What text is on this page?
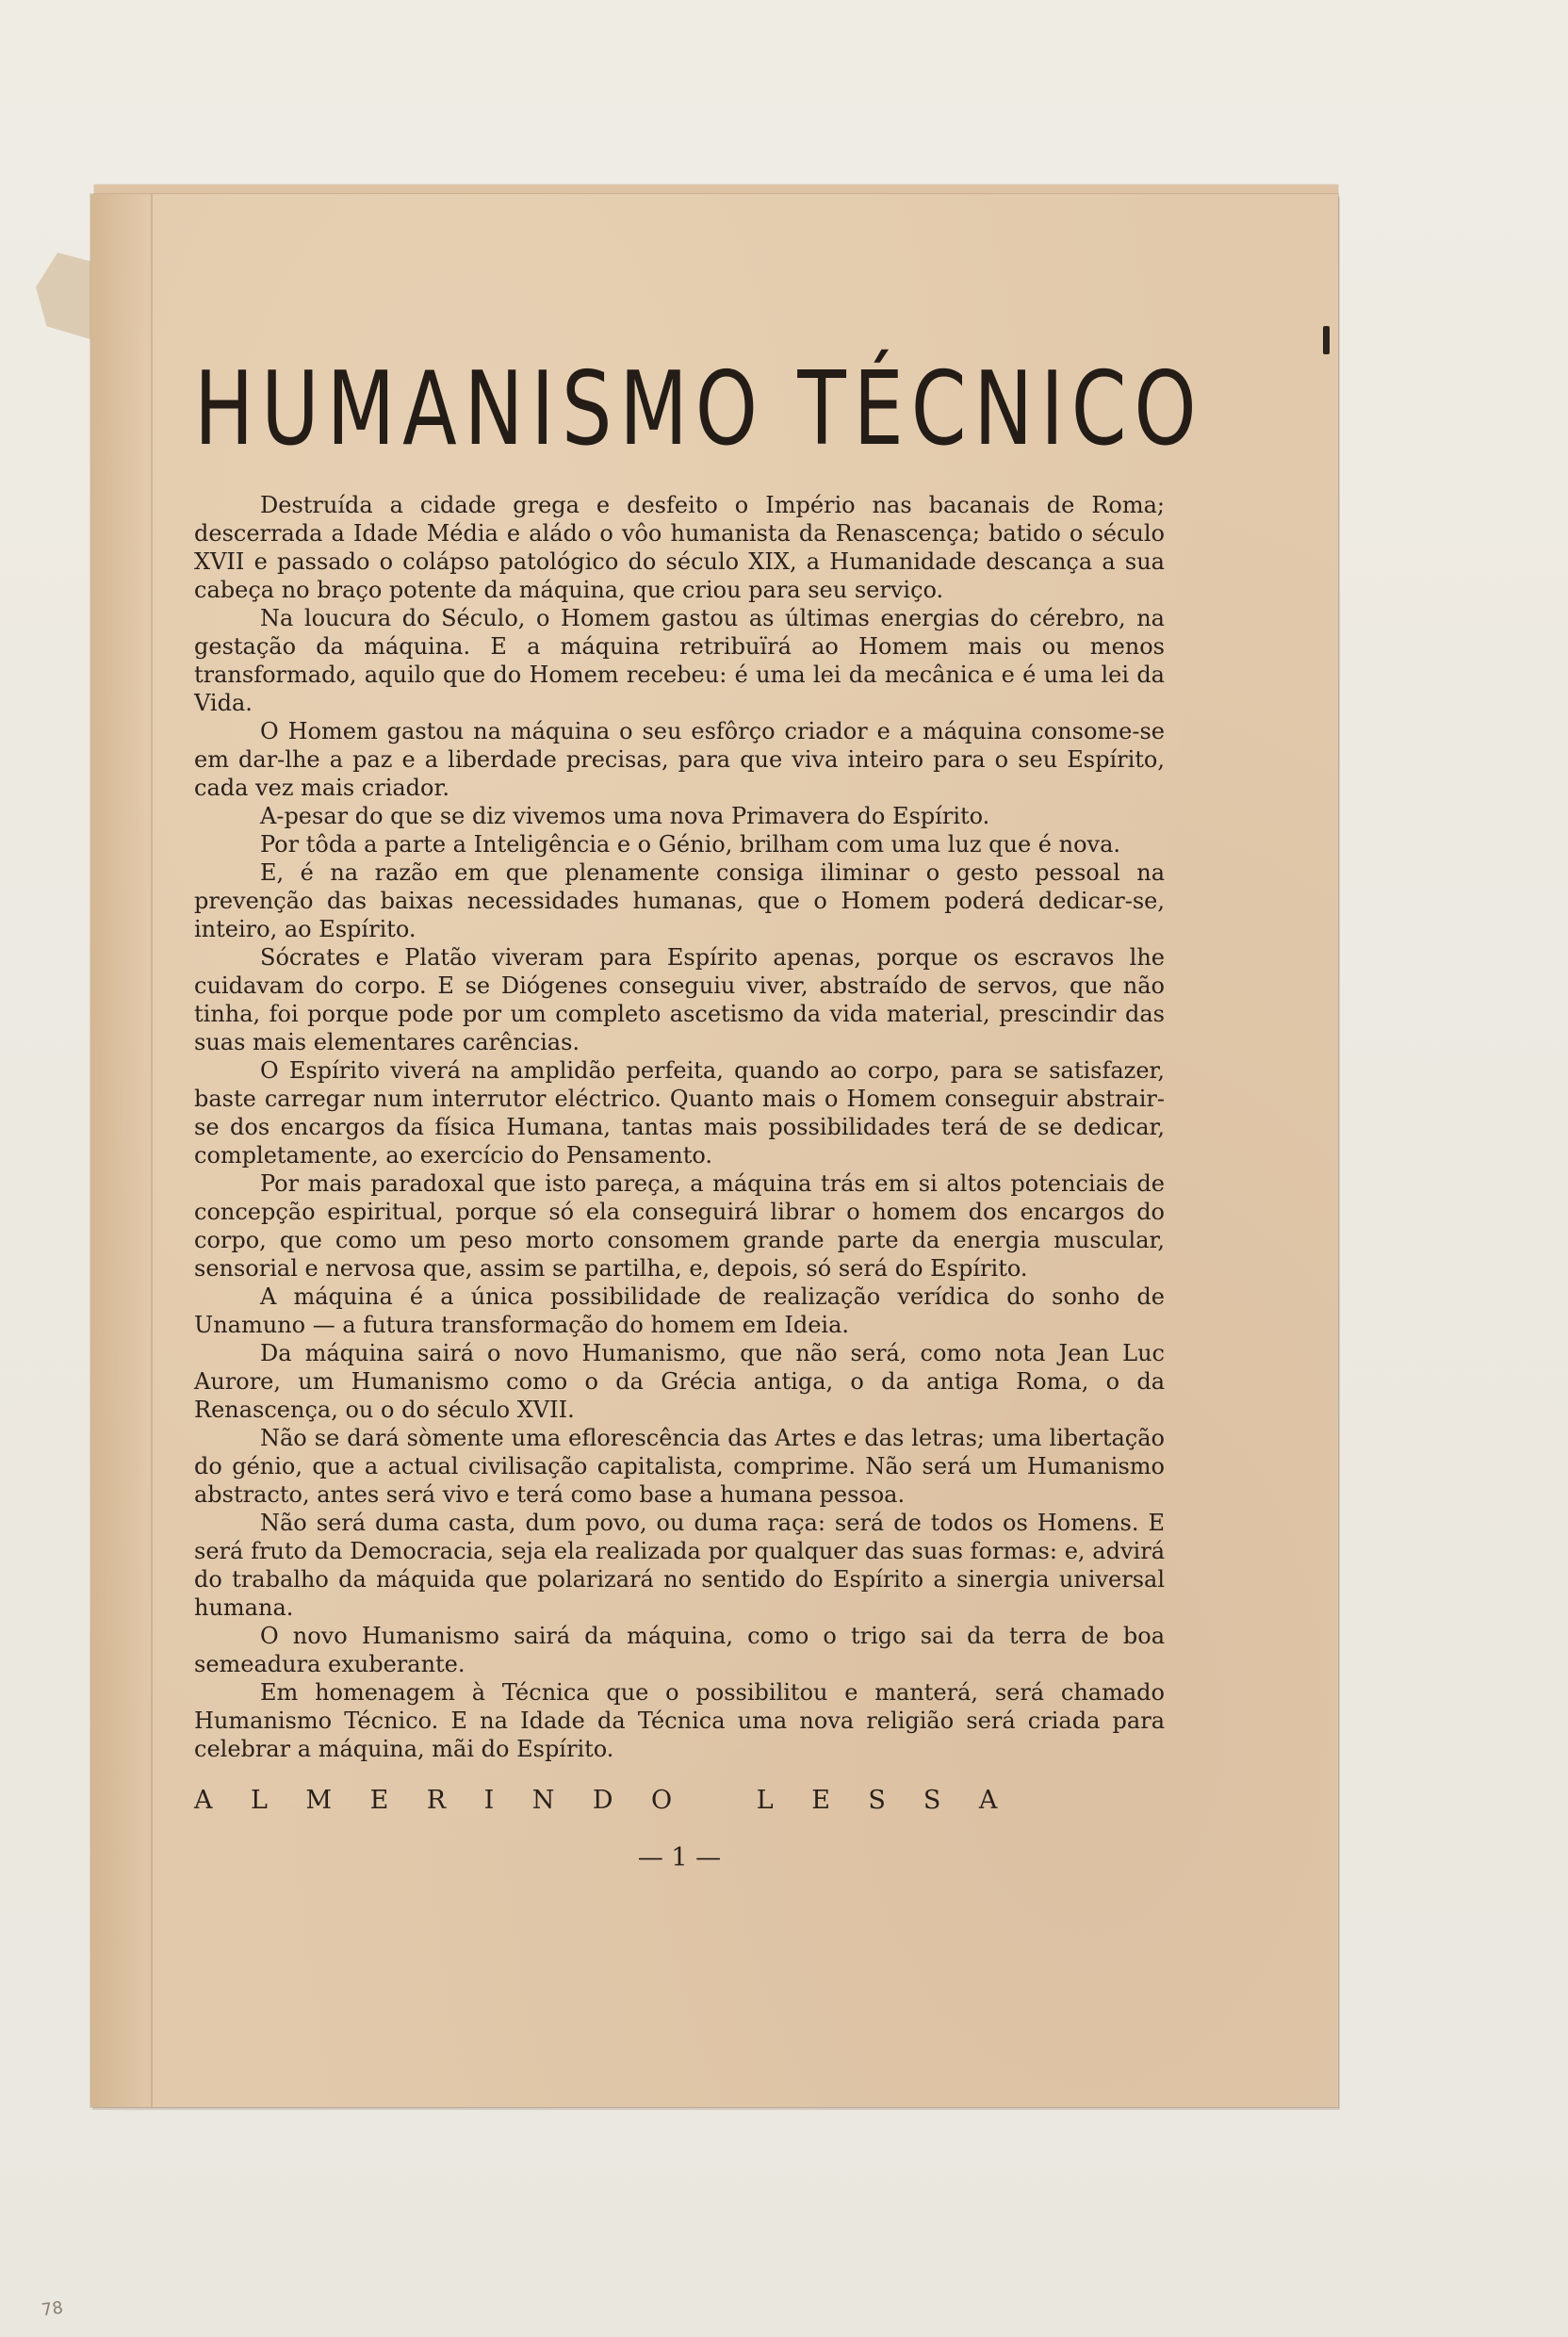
HUMANISMO TÉCNICO

Destruída a cidade grega e desfeito o Império nas bacanais de Roma; descerrada a Idade Média e aládo o vôo humanista da Renascença; batido o século XVII e passado o colápso patológico do século XIX, a Humanidade descança a sua cabeça no braço potente da máquina, que criou para seu serviço.

Na loucura do Século, o Homem gastou as últimas energias do cérebro, na gestação da máquina. E a máquina retribuïrá ao Homem mais ou menos transformado, aquilo que do Homem recebeu: é uma lei da mecânica e é uma lei da Vida.

O Homem gastou na máquina o seu esfôrço criador e a máquina consome-se em dar-lhe a paz e a liberdade precisas, para que viva inteiro para o seu Espírito, cada vez mais criador.

A-pesar do que se diz vivemos uma nova Primavera do Espírito.

Por tôda a parte a Inteligência e o Génio, brilham com uma luz que é nova.

E, é na razão em que plenamente consiga iliminar o gesto pessoal na prevenção das baixas necessidades humanas, que o Homem poderá dedicar-se, inteiro, ao Espírito.

Sócrates e Platão viveram para Espírito apenas, porque os escravos lhe cuidavam do corpo. E se Diógenes conseguiu viver, abstraído de servos, que não tinha, foi porque pode por um completo ascetismo da vida material, prescindir das suas mais elementares carências.

O Espírito viverá na amplidão perfeita, quando ao corpo, para se satisfazer, baste carregar num interrutor eléctrico. Quanto mais o Homem conseguir abstrair-se dos encargos da física Humana, tantas mais possibilidades terá de se dedicar, completamente, ao exercício do Pensamento.

Por mais paradoxal que isto pareça, a máquina trás em si altos potenciais de concepção espiritual, porque só ela conseguirá librar o homem dos encargos do corpo, que como um peso morto consomem grande parte da energia muscular, sensorial e nervosa que, assim se partilha, e, depois, só será do Espírito.

A máquina é a única possibilidade de realização verídica do sonho de Unamuno — a futura transformação do homem em Ideia.

Da máquina sairá o novo Humanismo, que não será, como nota Jean Luc Aurore, um Humanismo como o da Grécia antiga, o da antiga Roma, o da Renascença, ou o do século XVII.

Não se dará sòmente uma eflorescência das Artes e das letras; uma libertação do génio, que a actual civilisação capitalista, comprime. Não será um Humanismo abstracto, antes será vivo e terá como base a humana pessoa.

Não será duma casta, dum povo, ou duma raça: será de todos os Homens. E será fruto da Democracia, seja ela realizada por qualquer das suas formas: e, advirá do trabalho da máquida que polarizará no sentido do Espírito a sinergia universal humana.

O novo Humanismo sairá da máquina, como o trigo sai da terra de boa semeadura exuberante.

Em homenagem à Técnica que o possibilitou e manterá, será chamado Humanismo Técnico. E na Idade da Técnica uma nova religião será criada para celebrar a máquina, mãi do Espírito.

ALMERINDO LESSA
— 1 —
78
